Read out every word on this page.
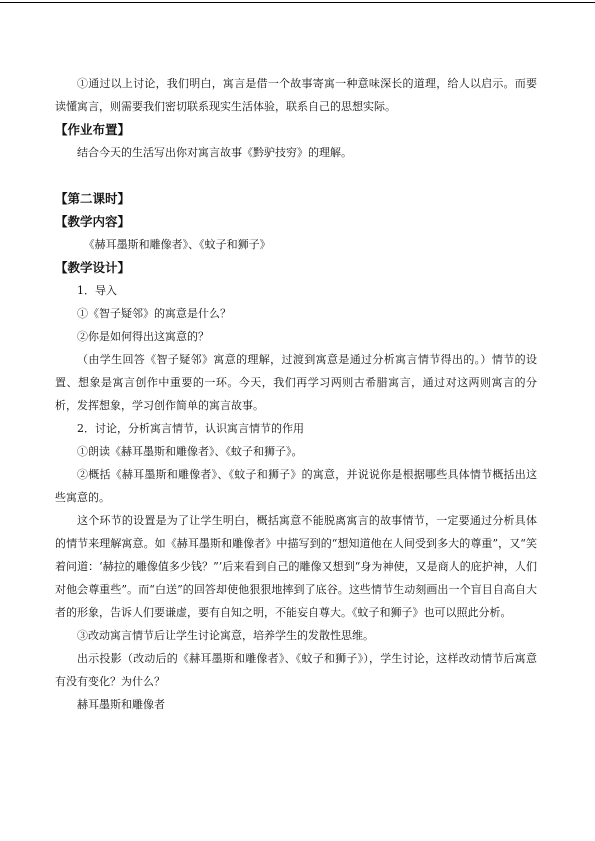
①通过以上讨论，我们明白，寓言是借一个故事寄寓一种意味深长的道理，给人以启示。而要读懂寓言，则需要我们密切联系现实生活体验，联系自己的思想实际。

【作业布置】

结合今天的生活写出你对寓言故事《黔驴技穷》的理解。

【第二课时】

【教学内容】

《赫耳墨斯和雕像者》、《蚊子和狮子》

【教学设计】

1．导入

①《智子疑邻》的寓意是什么？

②你是如何得出这寓意的？

（由学生回答《智子疑邻》寓意的理解，过渡到寓意是通过分析寓言情节得出的。）情节的设置、想象是寓言创作中重要的一环。今天，我们再学习两则古希腊寓言，通过对这两则寓言的分析，发挥想象，学习创作简单的寓言故事。

2．讨论，分析寓言情节，认识寓言情节的作用

①朗读《赫耳墨斯和雕像者》、《蚊子和狮子》。

②概括《赫耳墨斯和雕像者》、《蚊子和狮子》的寓意，并说说你是根据哪些具体情节概括出这些寓意的。

这个环节的设置是为了让学生明白，概括寓意不能脱离寓言的故事情节，一定要通过分析具体的情节来理解寓意。如《赫耳墨斯和雕像者》中描写到的“想知道他在人间受到多大的尊重”，又“笑着问道：‘赫拉的雕像值多少钱？”’后来看到自己的雕像又想到“身为神使，又是商人的庇护神，人们对他会尊重些”。而“白送”的回答却使他狠狠地摔到了底谷。这些情节生动刻画出一个盲目自高自大者的形象，告诉人们要谦虚，要有自知之明，不能妄自尊大。《蚊子和狮子》也可以照此分析。

③改动寓言情节后让学生讨论寓意，培养学生的发散性思维。

出示投影（改动后的《赫耳墨斯和雕像者》、《蚊子和狮子》），学生讨论，这样改动情节后寓意有没有变化？为什么？

赫耳墨斯和雕像者
